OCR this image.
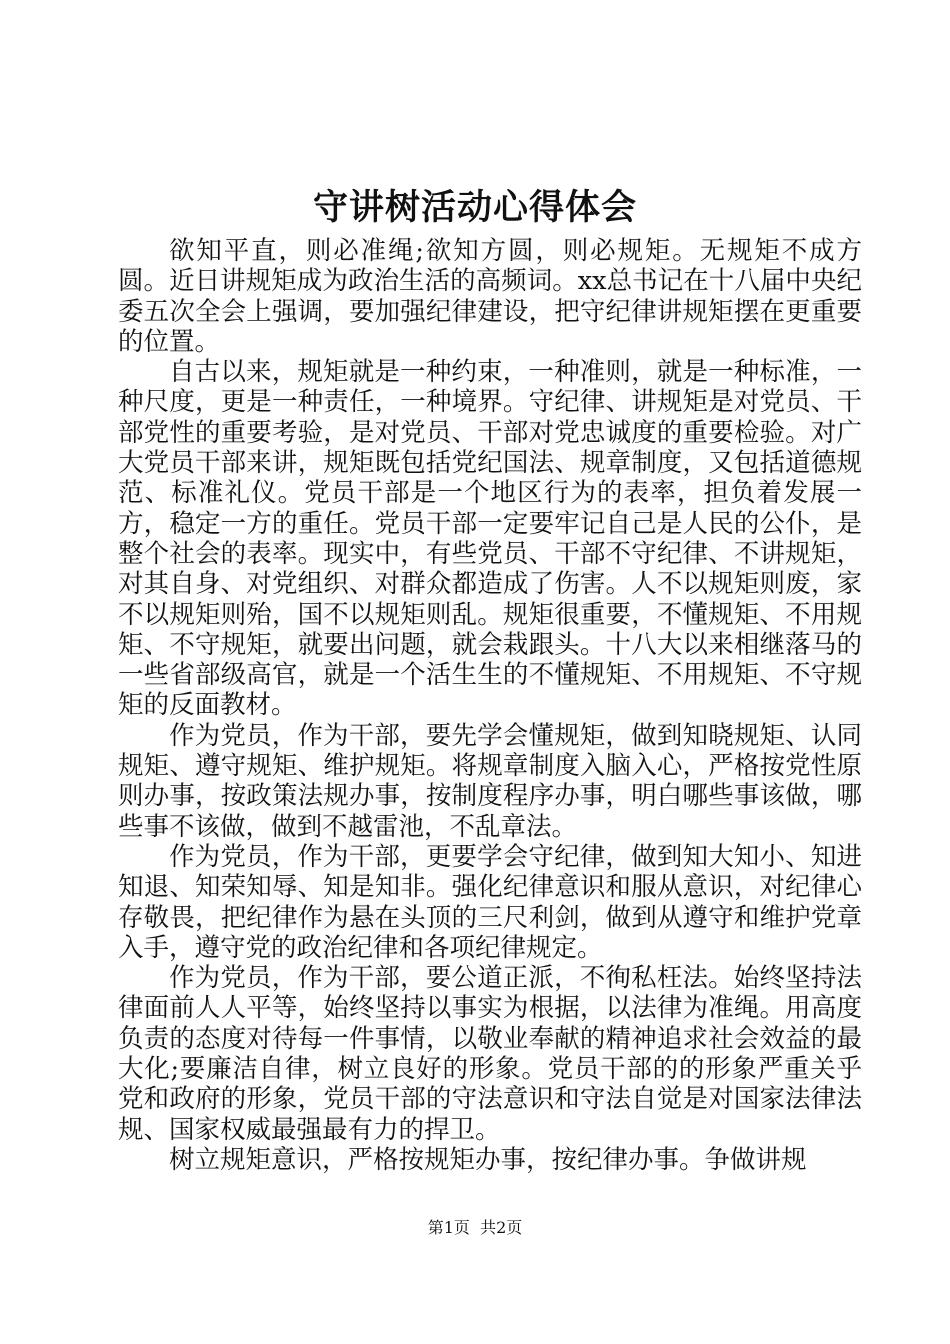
守讲树活动心得体会

欲知平直，则必准绳;欲知方圆，则必规矩。无规矩不成方圆。近日讲规矩成为政治生活的高频词。xx总书记在十八届中央纪委五次全会上强调，要加强纪律建设，把守纪律讲规矩摆在更重要的位置。

自古以来，规矩就是一种约束，一种准则，就是一种标准，一种尺度，更是一种责任，一种境界。守纪律、讲规矩是对党员、干部党性的重要考验，是对党员、干部对党忠诚度的重要检验。对广大党员干部来讲，规矩既包括党纪国法、规章制度，又包括道德规范、标准礼仪。党员干部是一个地区行为的表率，担负着发展一方，稳定一方的重任。党员干部一定要牢记自己是人民的公仆，是整个社会的表率。现实中，有些党员、干部不守纪律、不讲规矩，对其自身、对党组织、对群众都造成了伤害。人不以规矩则废，家不以规矩则殆，国不以规矩则乱。规矩很重要，不懂规矩、不用规矩、不守规矩，就要出问题，就会栽跟头。十八大以来相继落马的一些省部级高官，就是一个活生生的不懂规矩、不用规矩、不守规矩的反面教材。

作为党员，作为干部，要先学会懂规矩，做到知晓规矩、认同规矩、遵守规矩、维护规矩。将规章制度入脑入心，严格按党性原则办事，按政策法规办事，按制度程序办事，明白哪些事该做，哪些事不该做，做到不越雷池，不乱章法。

作为党员，作为干部，更要学会守纪律，做到知大知小、知进知退、知荣知辱、知是知非。强化纪律意识和服从意识，对纪律心存敬畏，把纪律作为悬在头顶的三尺利剑，做到从遵守和维护党章入手，遵守党的政治纪律和各项纪律规定。

作为党员，作为干部，要公道正派，不徇私枉法。始终坚持法律面前人人平等，始终坚持以事实为根据，以法律为准绳。用高度负责的态度对待每一件事情，以敬业奉献的精神追求社会效益的最大化;要廉洁自律，树立良好的形象。党员干部的的形象严重关乎党和政府的形象，党员干部的守法意识和守法自觉是对国家法律法规、国家权威最强最有力的捍卫。

树立规矩意识，严格按规矩办事，按纪律办事。争做讲规

第1页 共2页
